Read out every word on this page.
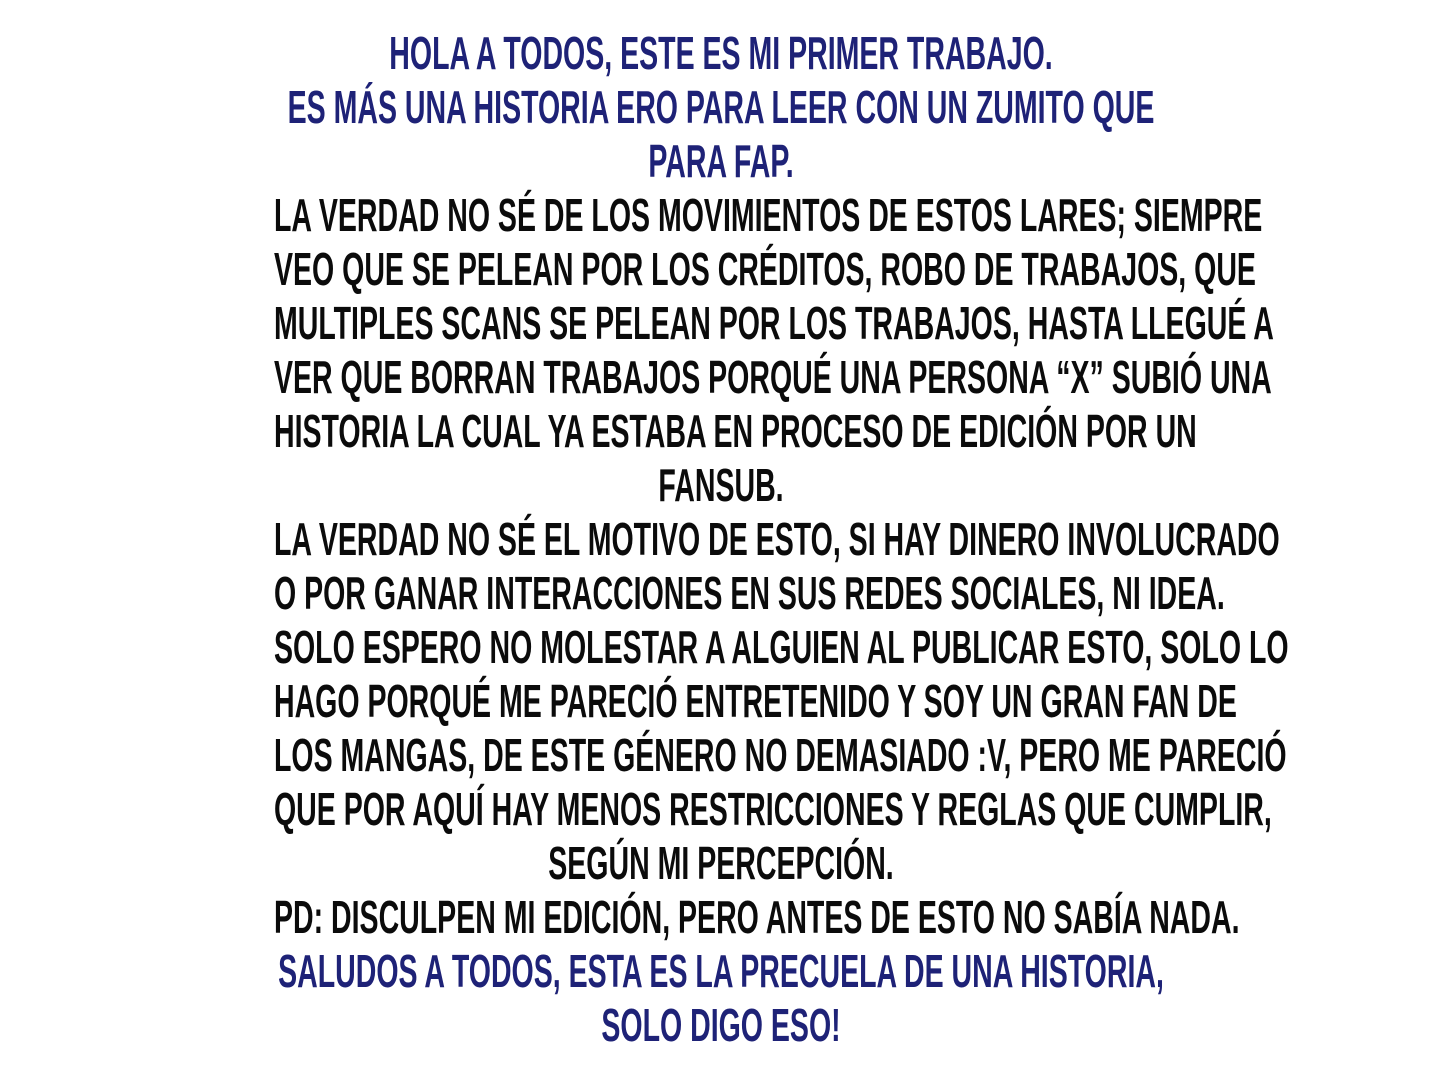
HOLA A TODOS, ESTE ES MI PRIMER TRABAJO.
ES MÁS UNA HISTORIA ERO PARA LEER CON UN ZUMITO QUE
PARA FAP.
LA VERDAD NO SÉ DE LOS MOVIMIENTOS DE ESTOS LARES; SIEMPRE
VEO QUE SE PELEAN POR LOS CRÉDITOS, ROBO DE TRABAJOS, QUE
MULTIPLES SCANS SE PELEAN POR LOS TRABAJOS, HASTA LLEGUÉ A
VER QUE BORRAN TRABAJOS PORQUÉ UNA PERSONA “X” SUBIÓ UNA
HISTORIA LA CUAL YA ESTABA EN PROCESO DE EDICIÓN POR UN
FANSUB.
LA VERDAD NO SÉ EL MOTIVO DE ESTO, SI HAY DINERO INVOLUCRADO
O POR GANAR INTERACCIONES EN SUS REDES SOCIALES, NI IDEA.
SOLO ESPERO NO MOLESTAR A ALGUIEN AL PUBLICAR ESTO, SOLO LO
HAGO PORQUÉ ME PARECIÓ ENTRETENIDO Y SOY UN GRAN FAN DE
LOS MANGAS, DE ESTE GÉNERO NO DEMASIADO :V, PERO ME PARECIÓ
QUE POR AQUÍ HAY MENOS RESTRICCIONES Y REGLAS QUE CUMPLIR,
SEGÚN MI PERCEPCIÓN.
PD: DISCULPEN MI EDICIÓN, PERO ANTES DE ESTO NO SABÍA NADA.
SALUDOS A TODOS, ESTA ES LA PRECUELA DE UNA HISTORIA,
SOLO DIGO ESO!
